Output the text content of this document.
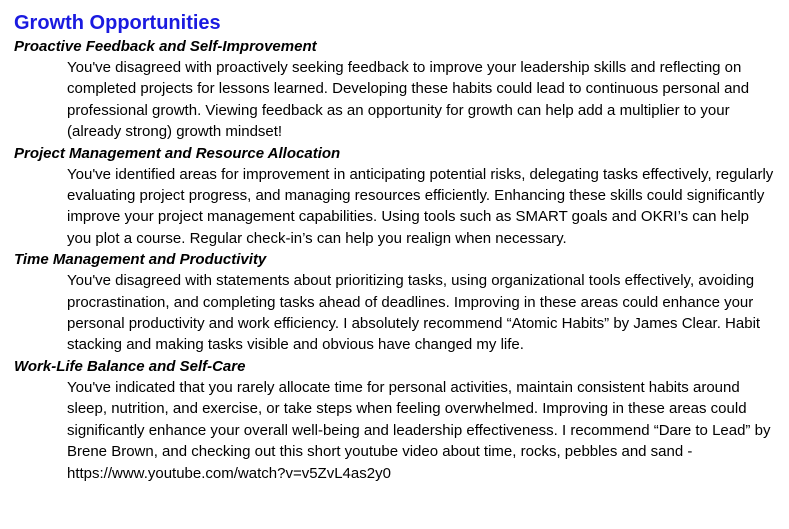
Growth Opportunities

Proactive Feedback and Self-Improvement

You've disagreed with proactively seeking feedback to improve your leadership skills and reflecting on completed projects for lessons learned. Developing these habits could lead to continuous personal and professional growth. Viewing feedback as an opportunity for growth can help add a multiplier to your (already strong) growth mindset!

Project Management and Resource Allocation

You've identified areas for improvement in anticipating potential risks, delegating tasks effectively, regularly evaluating project progress, and managing resources efficiently. Enhancing these skills could significantly improve your project management capabilities. Using tools such as SMART goals and OKRI’s can help you plot a course. Regular check-in’s can help you realign when necessary.

Time Management and Productivity

You've disagreed with statements about prioritizing tasks, using organizational tools effectively, avoiding procrastination, and completing tasks ahead of deadlines. Improving in these areas could enhance your personal productivity and work efficiency. I absolutely recommend “Atomic Habits” by James Clear. Habit stacking and making tasks visible and obvious have changed my life.

Work-Life Balance and Self-Care

You've indicated that you rarely allocate time for personal activities, maintain consistent habits around sleep, nutrition, and exercise, or take steps when feeling overwhelmed. Improving in these areas could significantly enhance your overall well-being and leadership effectiveness. I recommend “Dare to Lead” by Brene Brown, and checking out this short youtube video about time, rocks, pebbles and sand - https://www.youtube.com/watch?v=v5ZvL4as2y0
